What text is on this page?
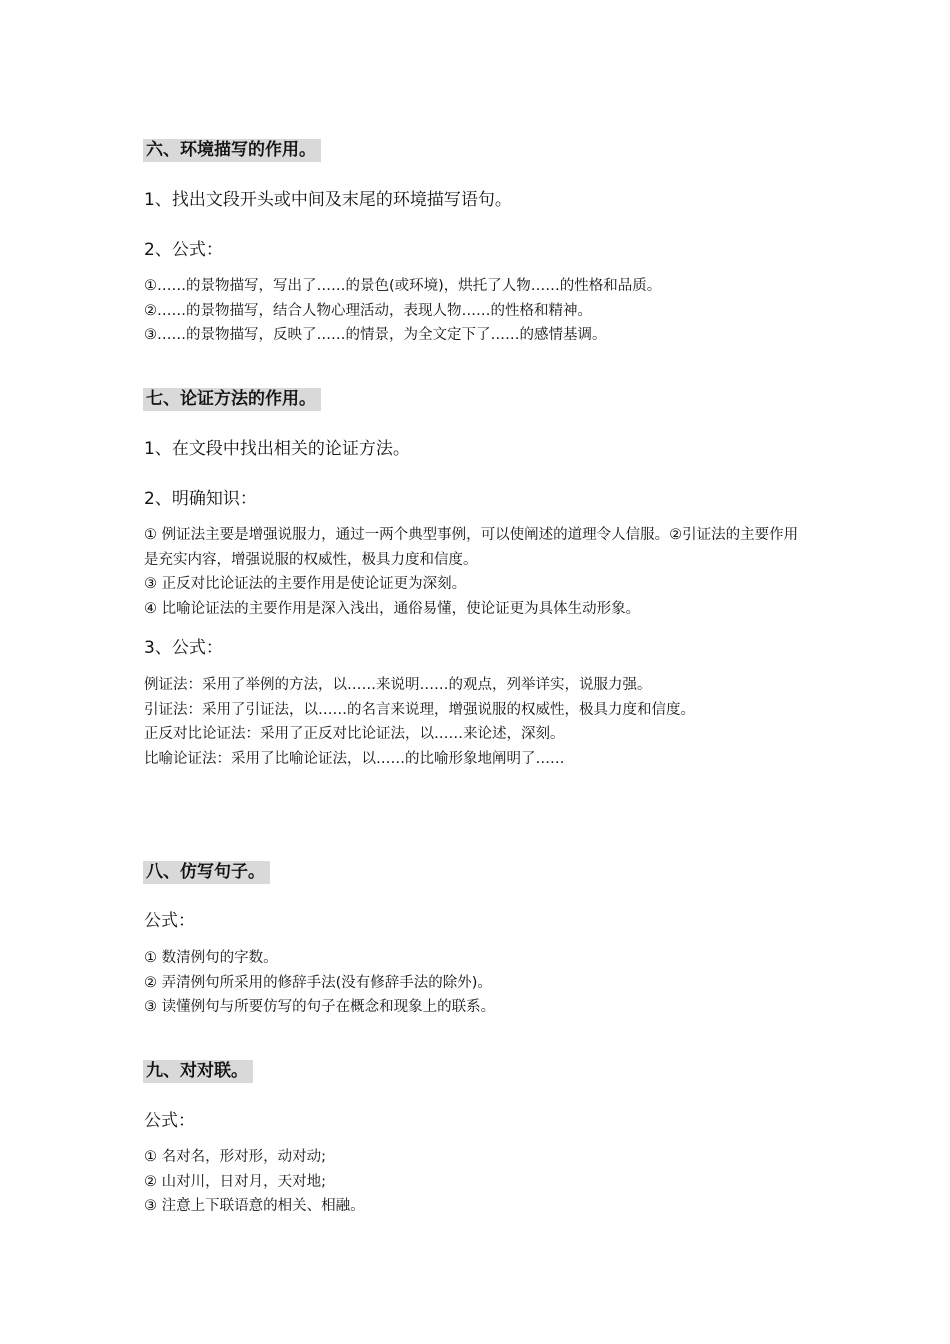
六、环境描写的作用。
1、找出文段开头或中间及末尾的环境描写语句。
2、公式：
①……的景物描写，写出了……的景色(或环境)，烘托了人物……的性格和品质。
②……的景物描写，结合人物心理活动，表现人物……的性格和精神。
③……的景物描写，反映了……的情景，为全文定下了……的感情基调。
七、论证方法的作用。
1、在文段中找出相关的论证方法。
2、明确知识：
① 例证法主要是增强说服力，通过一两个典型事例，可以使阐述的道理令人信服。②引证法的主要作用是充实内容，增强说服的权威性，极具力度和信度。
③ 正反对比论证法的主要作用是使论证更为深刻。
④ 比喻论证法的主要作用是深入浅出，通俗易懂，使论证更为具体生动形象。
3、公式：
例证法：采用了举例的方法，以……来说明……的观点，列举详实，说服力强。
引证法：采用了引证法，以……的名言来说理，增强说服的权威性，极具力度和信度。
正反对比论证法：采用了正反对比论证法，以……来论述，深刻。
比喻论证法：采用了比喻论证法，以……的比喻形象地阐明了……
八、仿写句子。
公式：
① 数清例句的字数。
② 弄清例句所采用的修辞手法(没有修辞手法的除外)。
③ 读懂例句与所要仿写的句子在概念和现象上的联系。
九、对对联。
公式：
① 名对名，形对形，动对动;
② 山对川，日对月，天对地;
③ 注意上下联语意的相关、相融。
